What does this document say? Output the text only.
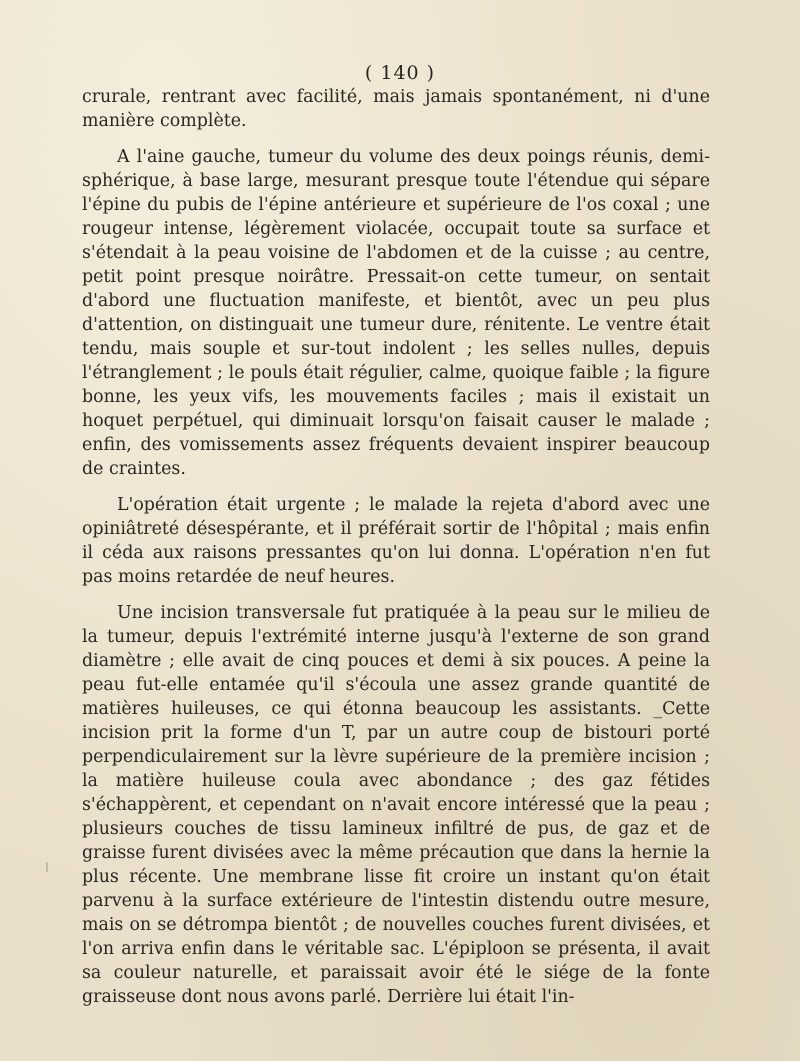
( 140 )

crurale, rentrant avec facilité, mais jamais spontanément, ni d'une manière complète.

A l'aine gauche, tumeur du volume des deux poings réunis, demi-sphérique, à base large, mesurant presque toute l'étendue qui sépare l'épine du pubis de l'épine antérieure et supérieure de l'os coxal ; une rougeur intense, légèrement violacée, occupait toute sa surface et s'étendait à la peau voisine de l'abdomen et de la cuisse ; au centre, petit point presque noirâtre. Pressait-on cette tumeur, on sentait d'abord une fluctuation manifeste, et bientôt, avec un peu plus d'attention, on distinguait une tumeur dure, rénitente. Le ventre était tendu, mais souple et sur-tout indolent ; les selles nulles, depuis l'étranglement ; le pouls était régulier, calme, quoique faible ; la figure bonne, les yeux vifs, les mouvements faciles ; mais il existait un hoquet perpétuel, qui diminuait lorsqu'on faisait causer le malade ; enfin, des vomissements assez fréquents devaient inspirer beaucoup de craintes.

L'opération était urgente ; le malade la rejeta d'abord avec une opiniâtreté désespérante, et il préférait sortir de l'hôpital ; mais enfin il céda aux raisons pressantes qu'on lui donna. L'opération n'en fut pas moins retardée de neuf heures.

Une incision transversale fut pratiquée à la peau sur le milieu de la tumeur, depuis l'extrémité interne jusqu'à l'externe de son grand diamètre ; elle avait de cinq pouces et demi à six pouces. A peine la peau fut-elle entamée qu'il s'écoula une assez grande quantité de matières huileuses, ce qui étonna beaucoup les assistants. _Cette incision prit la forme d'un T, par un autre coup de bistouri porté perpendiculairement sur la lèvre supérieure de la première incision ; la matière huileuse coula avec abondance ; des gaz fétides s'échappèrent, et cependant on n'avait encore intéressé que la peau ; plusieurs couches de tissu lamineux infiltré de pus, de gaz et de graisse furent divisées avec la même précaution que dans la hernie la plus récente. Une membrane lisse fit croire un instant qu'on était parvenu à la surface extérieure de l'intestin distendu outre mesure, mais on se détrompa bientôt ; de nouvelles couches furent divisées, et l'on arriva enfin dans le véritable sac. L'épiploon se présenta, il avait sa couleur naturelle, et paraissait avoir été le siége de la fonte graisseuse dont nous avons parlé. Derrière lui était l'in-
